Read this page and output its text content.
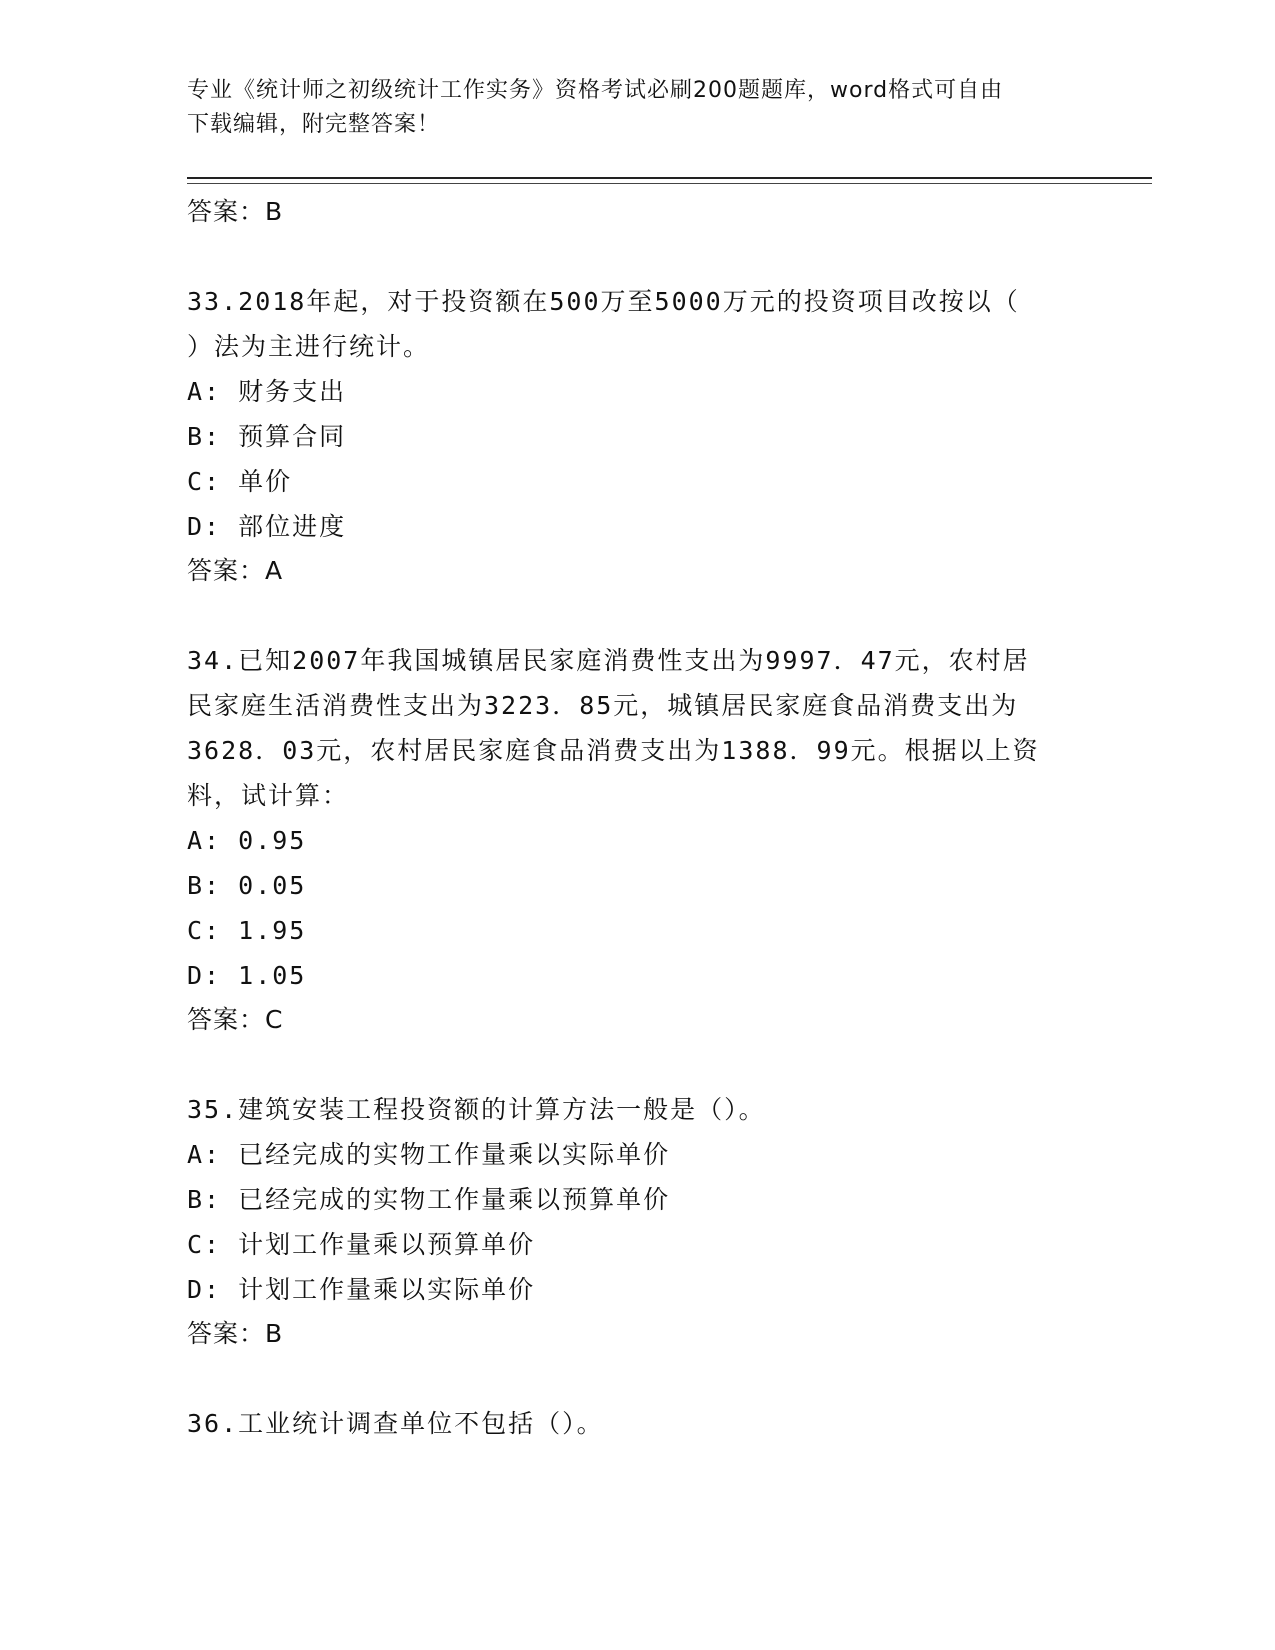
专业《统计师之初级统计工作实务》资格考试必刷200题题库，word格式可自由
下载编辑，附完整答案！
答案：B
33.2018年起，对于投资额在500万至5000万元的投资项目改按以（
）法为主进行统计。
A: 财务支出
B: 预算合同
C: 单价
D: 部位进度
答案：A
34.已知2007年我国城镇居民家庭消费性支出为9997．47元，农村居
民家庭生活消费性支出为3223．85元，城镇居民家庭食品消费支出为
3628．03元，农村居民家庭食品消费支出为1388．99元。根据以上资
料，试计算：
A: 0.95
B: 0.05
C: 1.95
D: 1.05
答案：C
35.建筑安装工程投资额的计算方法一般是（）。
A: 已经完成的实物工作量乘以实际单价
B: 已经完成的实物工作量乘以预算单价
C: 计划工作量乘以预算单价
D: 计划工作量乘以实际单价
答案：B
36.工业统计调查单位不包括（）。
